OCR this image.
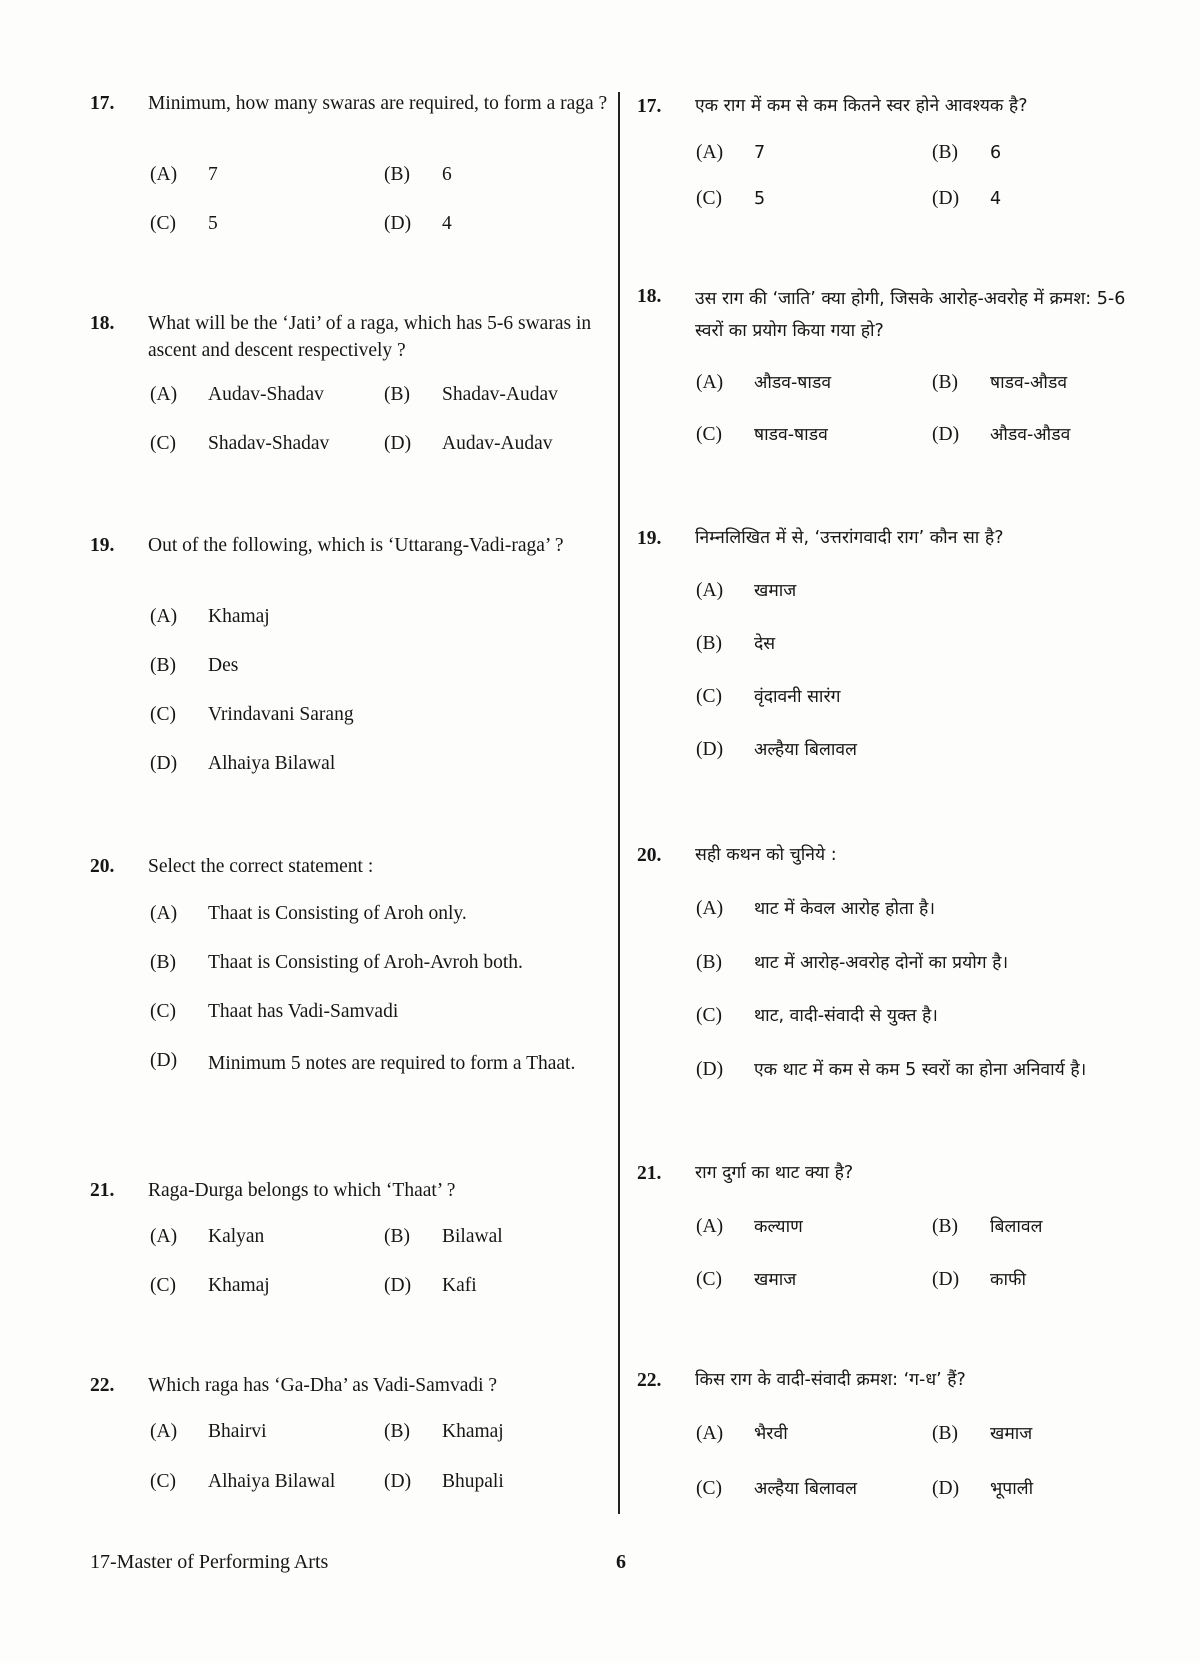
17. Minimum, how many swaras are required, to form a raga ?
(A) 7	(B) 6
(C) 5	(D) 4
18. What will be the ‘Jati’ of a raga, which has 5-6 swaras in ascent and descent respectively ?
(A) Audav-Shadav	(B) Shadav-Audav
(C) Shadav-Shadav	(D) Audav-Audav
19. Out of the following, which is ‘Uttarang-Vadi-raga’ ?
(A) Khamaj
(B) Des
(C) Vrindavani Sarang
(D) Alhaiya Bilawal
20. Select the correct statement :
(A) Thaat is Consisting of Aroh only.
(B) Thaat is Consisting of Aroh-Avroh both.
(C) Thaat has Vadi-Samvadi
(D)	Minimum 5 notes are required to form a Thaat.
21. Raga-Durga belongs to which ‘Thaat’ ?
(A) Kalyan	(B) Bilawal
(C) Khamaj	(D) Kafi
22. Which raga has ‘Ga-Dha’ as Vadi-Samvadi ?
(A) Bhairvi	(B) Khamaj
(C) Alhaiya Bilawal (D) Bhupali
17. एक राग में कम से कम कितने स्वर होने आवश्यक है?
(A) 7	(B) 6
(C) 5	(D) 4
18. उस राग की ‘जाति’ क्या होगी, जिसके आरोह-अवरोह में क्रमश: 5-6 स्वरों का प्रयोग किया गया हो?
(A) औडव-षाडव	(B) षाडव-औडव
(C) षाडव-षाडव	(D) औडव-औडव
19. निम्नलिखित में से, ‘उत्तरांगवादी राग’ कौन सा है?
(A) खमाज
(B) देस
(C) वृंदावनी सारंग
(D) अल्हैया बिलावल
20. सही कथन को चुनिये :
(A) थाट में केवल आरोह होता है।
(B) थाट में आरोह-अवरोह दोनों का प्रयोग है।
(C) थाट, वादी-संवादी से युक्त है।
(D) एक थाट में कम से कम 5 स्वरों का होना अनिवार्य है।
21. राग दुर्गा का थाट क्या है?
(A) कल्याण	(B) बिलावल
(C) खमाज	(D) काफी
22. किस राग के वादी-संवादी क्रमश: ‘ग-ध’ हैं?
(A) भैरवी	(B) खमाज
(C) अल्हैया बिलावल	(D) भूपाली
17-Master of Performing Arts	6
